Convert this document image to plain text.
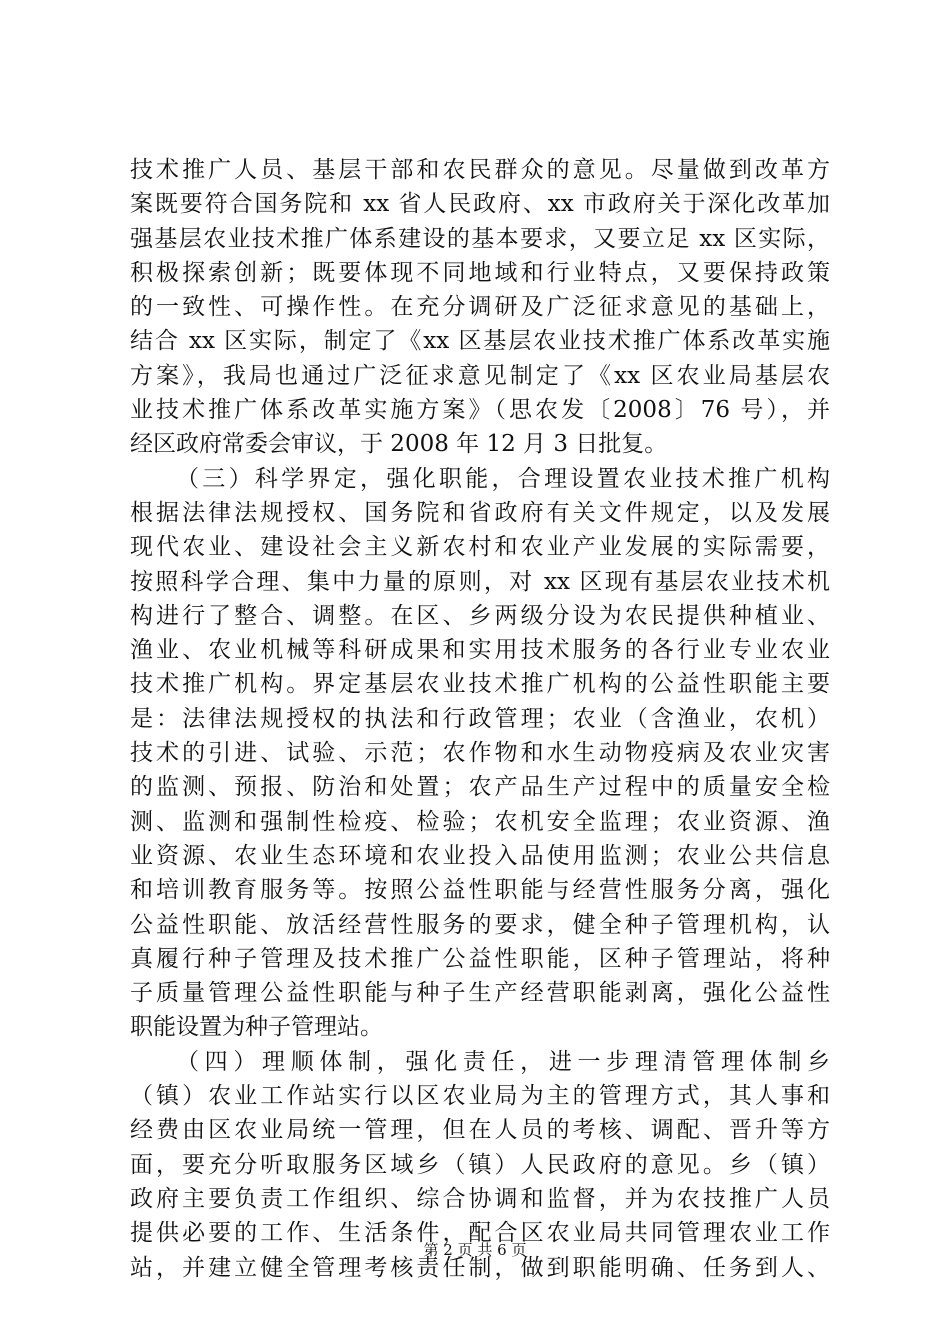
技术推广人员、基层干部和农民群众的意见。尽量做到改革方
案既要符合国务院和 xx 省人民政府、xx 市政府关于深化改革加
强基层农业技术推广体系建设的基本要求，又要立足 xx 区实际，
积极探索创新；既要体现不同地域和行业特点，又要保持政策
的一致性、可操作性。在充分调研及广泛征求意见的基础上，
结合 xx 区实际，制定了《xx 区基层农业技术推广体系改革实施
方案》，我局也通过广泛征求意见制定了《xx 区农业局基层农
业技术推广体系改革实施方案》（思农发〔2008〕76 号），并
经区政府常委会审议，于 2008 年 12 月 3 日批复。
（三）科学界定，强化职能，合理设置农业技术推广机构
根据法律法规授权、国务院和省政府有关文件规定，以及发展
现代农业、建设社会主义新农村和农业产业发展的实际需要，
按照科学合理、集中力量的原则，对 xx 区现有基层农业技术机
构进行了整合、调整。在区、乡两级分设为农民提供种植业、
渔业、农业机械等科研成果和实用技术服务的各行业专业农业
技术推广机构。界定基层农业技术推广机构的公益性职能主要
是：法律法规授权的执法和行政管理；农业（含渔业，农机）
技术的引进、试验、示范；农作物和水生动物疫病及农业灾害
的监测、预报、防治和处置；农产品生产过程中的质量安全检
测、监测和强制性检疫、检验；农机安全监理；农业资源、渔
业资源、农业生态环境和农业投入品使用监测；农业公共信息
和培训教育服务等。按照公益性职能与经营性服务分离，强化
公益性职能、放活经营性服务的要求，健全种子管理机构，认
真履行种子管理及技术推广公益性职能，区种子管理站，将种
子质量管理公益性职能与种子生产经营职能剥离，强化公益性
职能设置为种子管理站。
（四）理顺体制，强化责任，进一步理清管理体制乡
（镇）农业工作站实行以区农业局为主的管理方式，其人事和
经费由区农业局统一管理，但在人员的考核、调配、晋升等方
面，要充分听取服务区域乡（镇）人民政府的意见。乡（镇）
政府主要负责工作组织、综合协调和监督，并为农技推广人员
提供必要的工作、生活条件，配合区农业局共同管理农业工作
站，并建立健全管理考核责任制，做到职能明确、任务到人、
第 2 页 共 6 页
